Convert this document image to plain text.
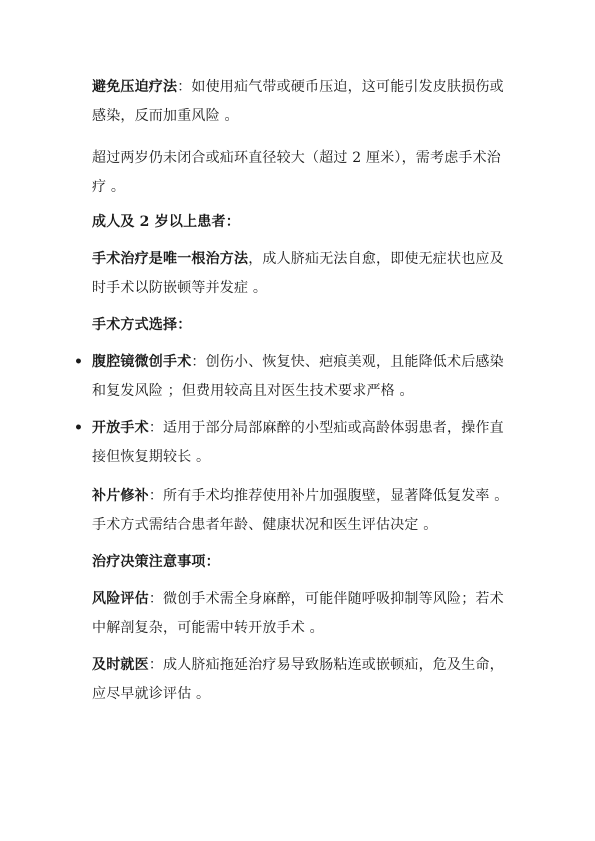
避免压迫疗法：如使用疝气带或硬币压迫，这可能引发皮肤损伤或感染，反而加重风险 。
超过两岁仍未闭合或疝环直径较大（超过 2 厘米），需考虑手术治疗 。
成人及 2 岁以上患者：
手术治疗是唯一根治方法，成人脐疝无法自愈，即使无症状也应及时手术以防嵌顿等并发症 。
手术方式选择：
• 腹腔镜微创手术：创伤小、恢复快、疤痕美观，且能降低术后感染和复发风险 ；但费用较高且对医生技术要求严格 。
• 开放手术：适用于部分局部麻醉的小型疝或高龄体弱患者，操作直接但恢复期较长 。
补片修补：所有手术均推荐使用补片加强腹壁，显著降低复发率 。手术方式需结合患者年龄、健康状况和医生评估决定 。
治疗决策注意事项：
风险评估：微创手术需全身麻醉，可能伴随呼吸抑制等风险；若术中解剖复杂，可能需中转开放手术 。
及时就医：成人脐疝拖延治疗易导致肠粘连或嵌顿疝，危及生命，应尽早就诊评估 。
